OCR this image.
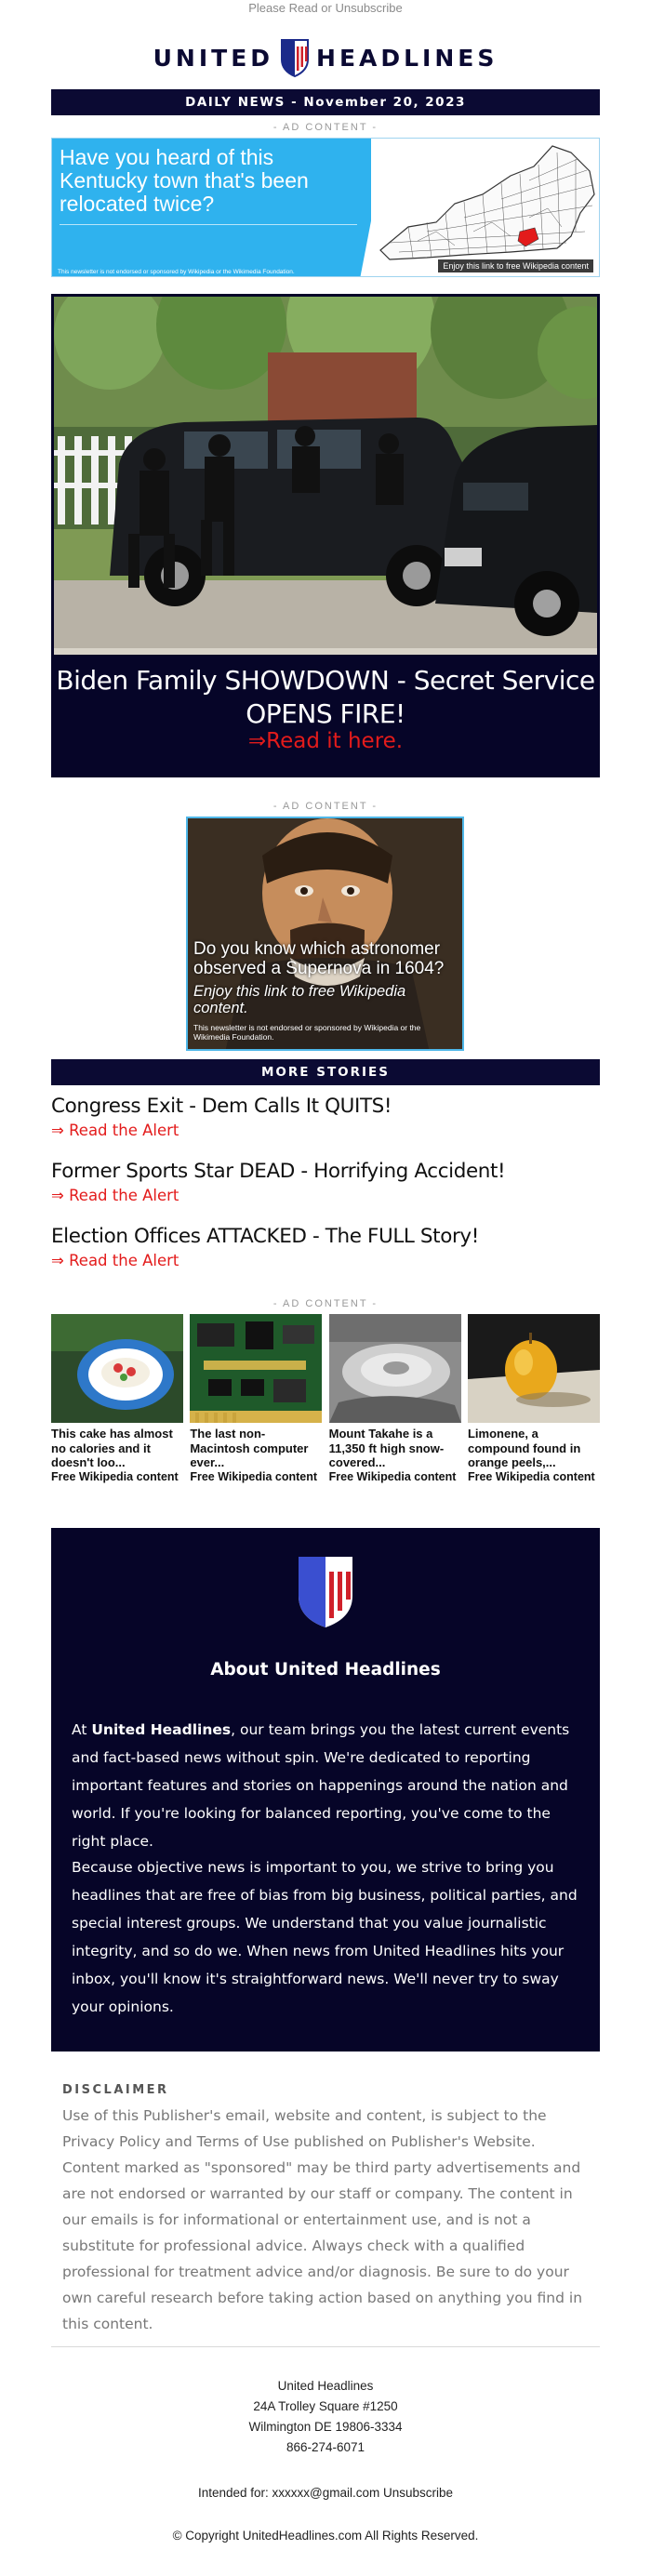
Please Read or Unsubscribe
UNITED HEADLINES
DAILY NEWS - November 20, 2023
- AD CONTENT -
Have you heard of this Kentucky town that's been relocated twice?
This newsletter is not endorsed or sponsored by Wikipedia or the Wikimedia Foundation.
Enjoy this link to free Wikipedia content
Biden Family SHOWDOWN - Secret Service OPENS FIRE!
⇒Read it here.
- AD CONTENT -
Do you know which astronomer observed a Supernova in 1604?
Enjoy this link to free Wikipedia content.
This newsletter is not endorsed or sponsored by Wikipedia or the Wikimedia Foundation.
MORE STORIES
Congress Exit - Dem Calls It QUITS!
⇒ Read the Alert
Former Sports Star DEAD - Horrifying Accident!
⇒ Read the Alert
Election Offices ATTACKED - The FULL Story!
⇒ Read the Alert
- AD CONTENT -
This cake has almost no calories and it doesn't loo...
Free Wikipedia content
The last non-Macintosh computer ever...
Free Wikipedia content
Mount Takahe is a 11,350 ft high snow-covered...
Free Wikipedia content
Limonene, a compound found in orange peels,...
Free Wikipedia content
About United Headlines
At United Headlines, our team brings you the latest current events and fact-based news without spin. We're dedicated to reporting important features and stories on happenings around the nation and world. If you're looking for balanced reporting, you've come to the right place.
Because objective news is important to you, we strive to bring you headlines that are free of bias from big business, political parties, and special interest groups. We understand that you value journalistic integrity, and so do we. When news from United Headlines hits your inbox, you'll know it's straightforward news. We'll never try to sway your opinions.
DISCLAIMER
Use of this Publisher's email, website and content, is subject to the Privacy Policy and Terms of Use published on Publisher's Website. Content marked as "sponsored" may be third party advertisements and are not endorsed or warranted by our staff or company. The content in our emails is for informational or entertainment use, and is not a substitute for professional advice. Always check with a qualified professional for treatment advice and/or diagnosis. Be sure to do your own careful research before taking action based on anything you find in this content.
United Headlines
24A Trolley Square #1250
Wilmington DE 19806-3334
866-274-6071
Intended for: xxxxxx@gmail.com Unsubscribe
© Copyright UnitedHeadlines.com All Rights Reserved.
